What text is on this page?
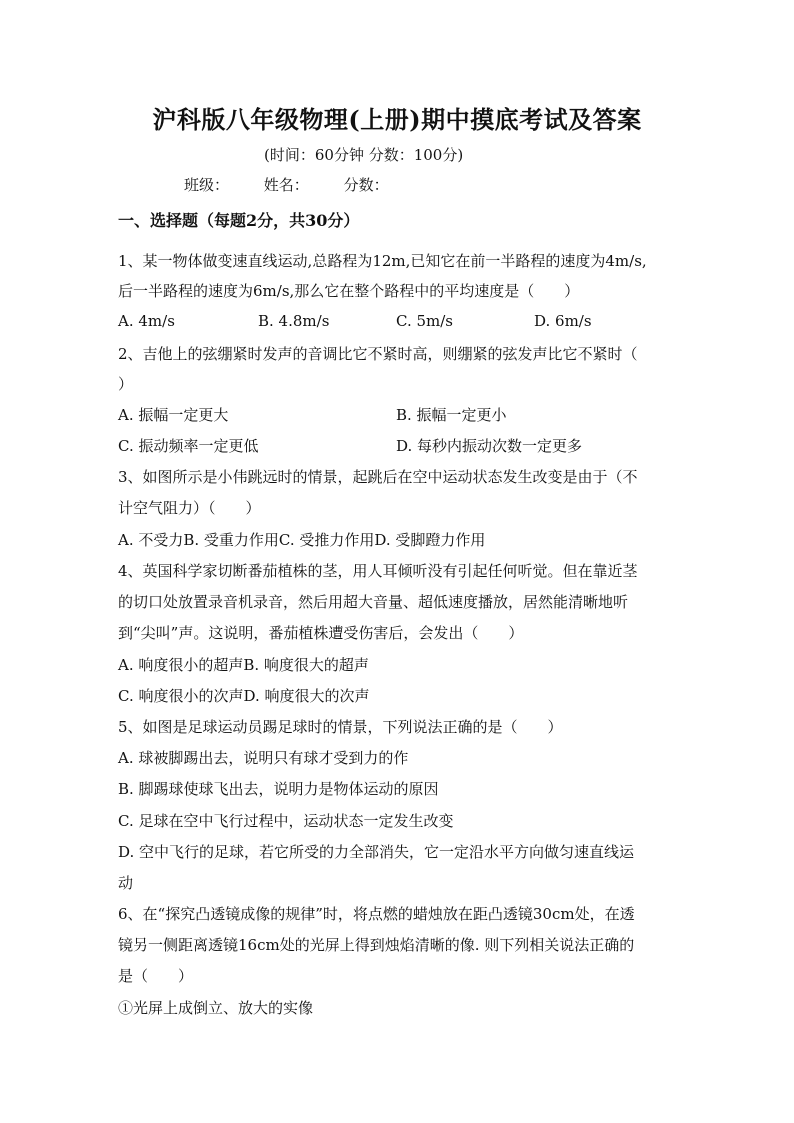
沪科版八年级物理(上册)期中摸底考试及答案
(时间：60分钟 分数：100分)
班级： 姓名： 分数：
一、选择题（每题2分，共30分）
1、某一物体做变速直线运动,总路程为12m,已知它在前一半路程的速度为4m/s,
后一半路程的速度为6m/s,那么它在整个路程中的平均速度是（　　）
A. 4m/s	B. 4.8m/s	C. 5m/s	D. 6m/s
2、吉他上的弦绷紧时发声的音调比它不紧时高，则绷紧的弦发声比它不紧时（
）
A. 振幅一定更大	B. 振幅一定更小
C. 振动频率一定更低	D. 每秒内振动次数一定更多
3、如图所示是小伟跳远时的情景，起跳后在空中运动状态发生改变是由于（不
计空气阻力）（　　）
A. 不受力B. 受重力作用C. 受推力作用D. 受脚蹬力作用
4、英国科学家切断番茄植株的茎，用人耳倾听没有引起任何听觉。但在靠近茎
的切口处放置录音机录音，然后用超大音量、超低速度播放，居然能清晰地听
到“尖叫”声。这说明，番茄植株遭受伤害后，会发出（　　）
A. 响度很小的超声B. 响度很大的超声
C. 响度很小的次声D. 响度很大的次声
5、如图是足球运动员踢足球时的情景，下列说法正确的是（　　）
A. 球被脚踢出去，说明只有球才受到力的作
B. 脚踢球使球飞出去，说明力是物体运动的原因
C. 足球在空中飞行过程中，运动状态一定发生改变
D. 空中飞行的足球，若它所受的力全部消失，它一定沿水平方向做匀速直线运
动
6、在“探究凸透镜成像的规律”时，将点燃的蜡烛放在距凸透镜30cm处，在透
镜另一侧距离透镜16cm处的光屏上得到烛焰清晰的像. 则下列相关说法正确的
是（　　）
①光屏上成倒立、放大的实像
